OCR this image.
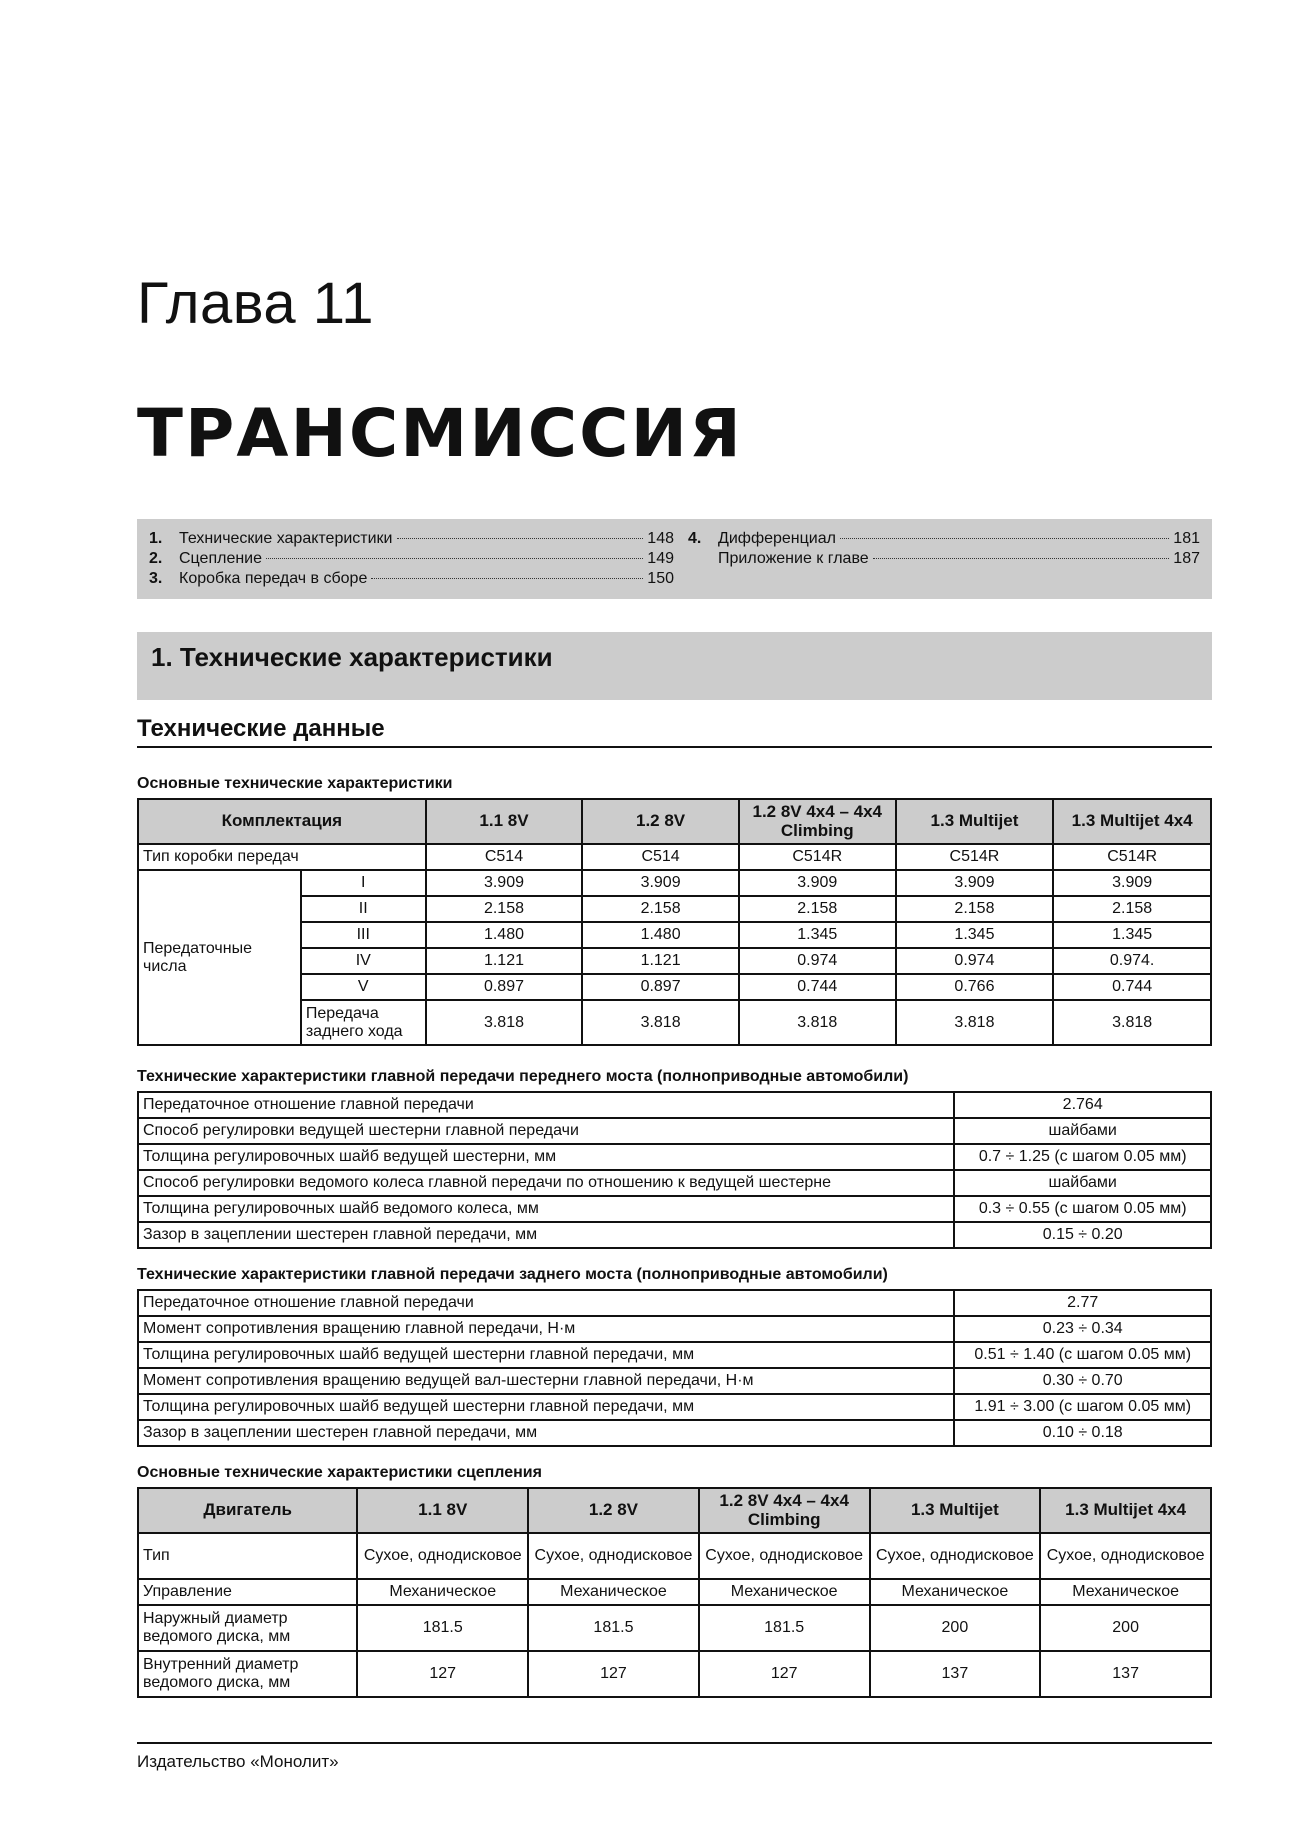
Глава 11
ТРАНСМИССИЯ
1.	Технические характеристики	148
2.	Сцепление	149
3.	Коробка передач в сборе	150
4.	Дифференциал	181
Приложение к главе	187
1. Технические характеристики
Технические данные
Основные технические характеристики
Комплектация		1.1 8V	1.2 8V	1.2 8V 4x4 – 4x4 Climbing	1.3 Multijet	1.3 Multijet 4x4
Тип коробки передач		C514	C514	C514R	C514R	C514R
Передаточные числа	I	3.909	3.909	3.909	3.909	3.909
	II	2.158	2.158	2.158	2.158	2.158
	III	1.480	1.480	1.345	1.345	1.345
	IV	1.121	1.121	0.974	0.974	0.974.
	V	0.897	0.897	0.744	0.766	0.744
	Передача заднего хода	3.818	3.818	3.818	3.818	3.818
Технические характеристики главной передачи переднего моста (полноприводные автомобили)
Передаточное отношение главной передачи	2.764
Способ регулировки ведущей шестерни главной передачи	шайбами
Толщина регулировочных шайб ведущей шестерни, мм	0.7 ÷ 1.25 (с шагом 0.05 мм)
Способ регулировки ведомого колеса главной передачи по отношению к ведущей шестерне	шайбами
Толщина регулировочных шайб ведомого колеса, мм	0.3 ÷ 0.55 (с шагом 0.05 мм)
Зазор в зацеплении шестерен главной передачи, мм	0.15 ÷ 0.20
Технические характеристики главной передачи заднего моста (полноприводные автомобили)
Передаточное отношение главной передачи	2.77
Момент сопротивления вращению главной передачи, Н·м	0.23 ÷ 0.34
Толщина регулировочных шайб ведущей шестерни главной передачи, мм	0.51 ÷ 1.40 (с шагом 0.05 мм)
Момент сопротивления вращению ведущей вал-шестерни главной передачи, Н·м	0.30 ÷ 0.70
Толщина регулировочных шайб ведущей шестерни главной передачи, мм	1.91 ÷ 3.00 (с шагом 0.05 мм)
Зазор в зацеплении шестерен главной передачи, мм	0.10 ÷ 0.18
Основные технические характеристики сцепления
Двигатель	1.1 8V	1.2 8V	1.2 8V 4x4 – 4x4 Climbing	1.3 Multijet	1.3 Multijet 4x4
Тип	Сухое, однодисковое	Сухое, однодисковое	Сухое, однодисковое	Сухое, однодисковое	Сухое, однодисковое
Управление	Механическое	Механическое	Механическое	Механическое	Механическое
Наружный диаметр ведомого диска, мм	181.5	181.5	181.5	200	200
Внутренний диаметр ведомого диска, мм	127	127	127	137	137
Издательство «Монолит»
